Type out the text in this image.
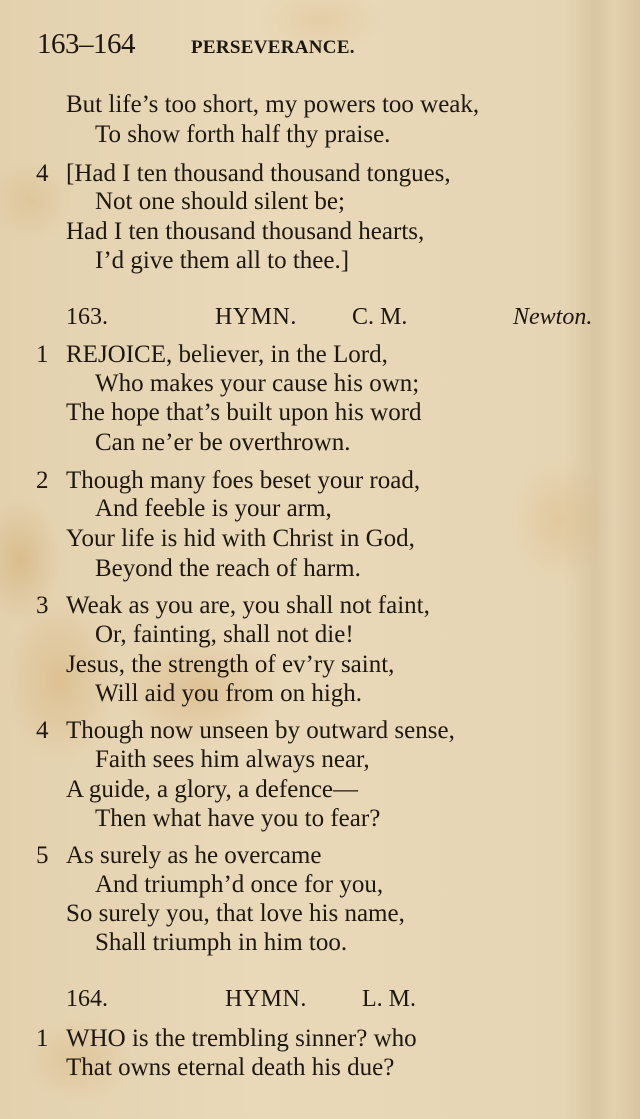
163–164	PERSEVERANCE.
But life’s too short, my powers too weak,
To show forth half thy praise.
4 [Had I ten thousand thousand tongues,
Not one should silent be;
Had I ten thousand thousand hearts,
I’d give them all to thee.]
163.	HYMN. C. M.	Newton.
1 REJOICE, believer, in the Lord,
Who makes your cause his own;
The hope that’s built upon his word
Can ne’er be overthrown.
2 Though many foes beset your road,
And feeble is your arm,
Your life is hid with Christ in God,
Beyond the reach of harm.
3 Weak as you are, you shall not faint,
Or, fainting, shall not die!
Jesus, the strength of ev’ry saint,
Will aid you from on high.
4 Though now unseen by outward sense,
Faith sees him always near,
A guide, a glory, a defence—
Then what have you to fear?
5 As surely as he overcame
And triumph’d once for you,
So surely you, that love his name,
Shall triumph in him too.
164.	HYMN. L. M.
1 WHO is the trembling sinner? who
That owns eternal death his due?
